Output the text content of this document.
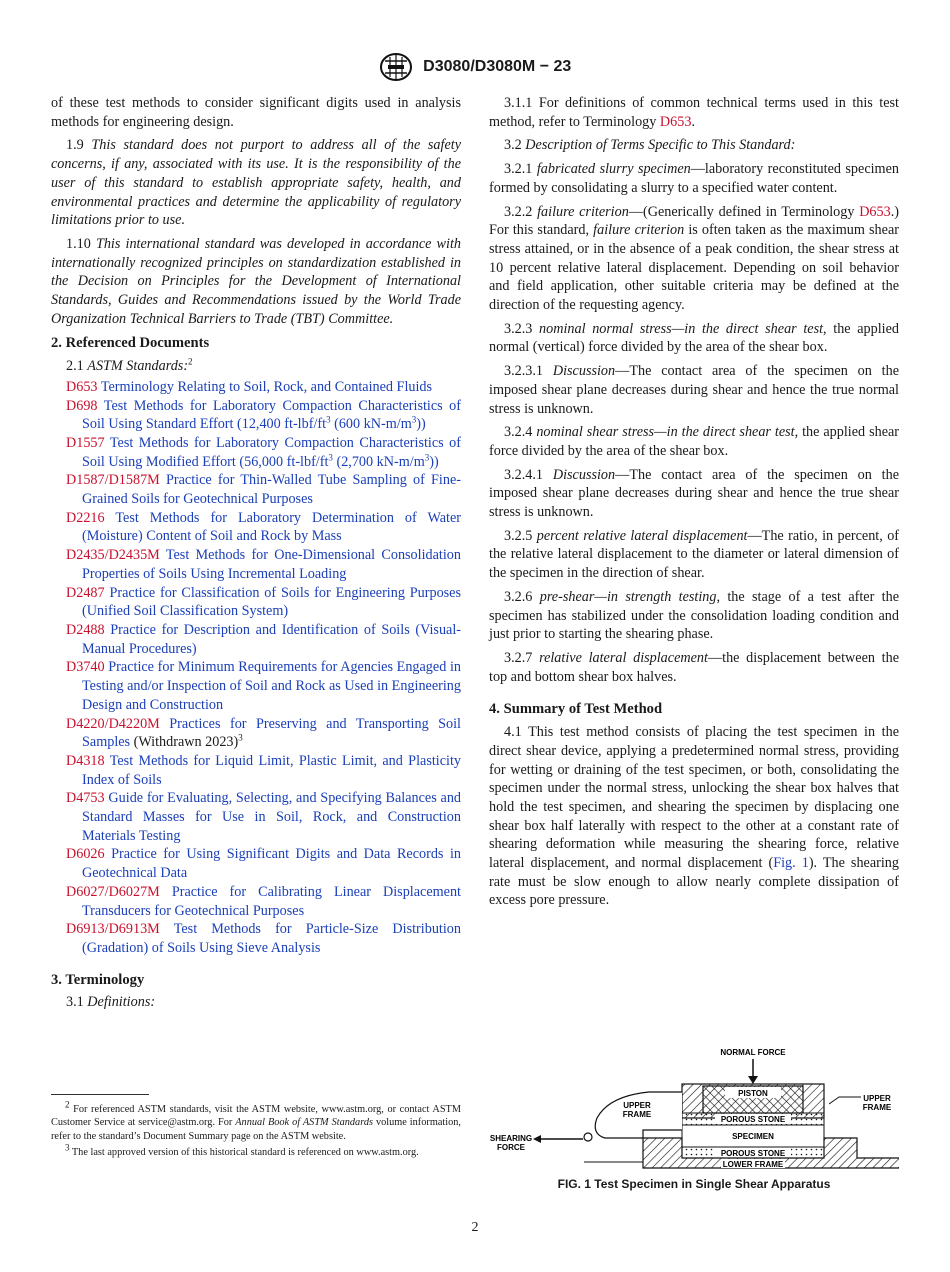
D3080/D3080M − 23

of these test methods to consider significant digits used in analysis methods for engineering design.

1.9 This standard does not purport to address all of the safety concerns, if any, associated with its use. It is the responsibility of the user of this standard to establish appropriate safety, health, and environmental practices and determine the applicability of regulatory limitations prior to use.

1.10 This international standard was developed in accordance with internationally recognized principles on standardization established in the Decision on Principles for the Development of International Standards, Guides and Recommendations issued by the World Trade Organization Technical Barriers to Trade (TBT) Committee.

2. Referenced Documents

2.1 ASTM Standards:$^2$

D653 Terminology Relating to Soil, Rock, and Contained Fluids
D698 Test Methods for Laboratory Compaction Characteristics of Soil Using Standard Effort (12,400 $ft-lbf/ft^3$ (600 $kN-m/m^3$))
D1557 Test Methods for Laboratory Compaction Characteristics of Soil Using Modified Effort (56,000 $ft-lbf/ft^3$ (2,700 $kN-m/m^3$))
D1587/D1587M Practice for Thin-Walled Tube Sampling of Fine-Grained Soils for Geotechnical Purposes
D2216 Test Methods for Laboratory Determination of Water (Moisture) Content of Soil and Rock by Mass
D2435/D2435M Test Methods for One-Dimensional Consolidation Properties of Soils Using Incremental Loading
D2487 Practice for Classification of Soils for Engineering Purposes (Unified Soil Classification System)
D2488 Practice for Description and Identification of Soils (Visual-Manual Procedures)
D3740 Practice for Minimum Requirements for Agencies Engaged in Testing and/or Inspection of Soil and Rock as Used in Engineering Design and Construction
D4220/D4220M Practices for Preserving and Transporting Soil Samples (Withdrawn 2023)$^3$
D4318 Test Methods for Liquid Limit, Plastic Limit, and Plasticity Index of Soils
D4753 Guide for Evaluating, Selecting, and Specifying Balances and Standard Masses for Use in Soil, Rock, and Construction Materials Testing
D6026 Practice for Using Significant Digits and Data Records in Geotechnical Data
D6027/D6027M Practice for Calibrating Linear Displacement Transducers for Geotechnical Purposes
D6913/D6913M Test Methods for Particle-Size Distribution (Gradation) of Soils Using Sieve Analysis
3. Terminology

3.1 Definitions:

$^2$ For referenced ASTM standards, visit the ASTM website, www.astm.org, or contact ASTM Customer Service at service@astm.org. For Annual Book of ASTM Standards volume information, refer to the standard’s Document Summary page on the ASTM website.

$^3$ The last approved version of this historical standard is referenced on www.astm.org.

3.1.1 For definitions of common technical terms used in this test method, refer to Terminology D653.

3.2 Description of Terms Specific to This Standard:

3.2.1 fabricated slurry specimen—laboratory reconstituted specimen formed by consolidating a slurry to a specified water content.

3.2.2 failure criterion—(Generically defined in Terminology D653.) For this standard, failure criterion is often taken as the maximum shear stress attained, or in the absence of a peak condition, the shear stress at 10 percent relative lateral displacement. Depending on soil behavior and field application, other suitable criteria may be defined at the direction of the requesting agency.

3.2.3 nominal normal stress—in the direct shear test, the applied normal (vertical) force divided by the area of the shear box.

3.2.3.1 Discussion—The contact area of the specimen on the imposed shear plane decreases during shear and hence the true normal stress is unknown.

3.2.4 nominal shear stress—in the direct shear test, the applied shear force divided by the area of the shear box.

3.2.4.1 Discussion—The contact area of the specimen on the imposed shear plane decreases during shear and hence the true shear stress is unknown.

3.2.5 percent relative lateral displacement—The ratio, in percent, of the relative lateral displacement to the diameter or lateral dimension of the specimen in the direction of shear.

3.2.6 pre-shear—in strength testing, the stage of a test after the specimen has stabilized under the consolidation loading condition and just prior to starting the shearing phase.

3.2.7 relative lateral displacement—the displacement between the top and bottom shear box halves.

4. Summary of Test Method

4.1 This test method consists of placing the test specimen in the direct shear device, applying a predetermined normal stress, providing for wetting or draining of the test specimen, or both, consolidating the specimen under the normal stress, unlocking the shear box halves that hold the test specimen, and shearing the specimen by displacing one shear box half laterally with respect to the other at a constant rate of shearing deformation while measuring the shearing force, relative lateral displacement, and normal displacement (Fig. 1). The shearing rate must be slow enough to allow nearly complete dissipation of excess pore pressure.

NORMAL FORCE
PISTON
POROUS STONE
SPECIMEN
POROUS STONE
LOWER FRAME
UPPER
FRAME
UPPER
FRAME
SHEARING
FORCE
FIG. 1 Test Specimen in Single Shear Apparatus
2
